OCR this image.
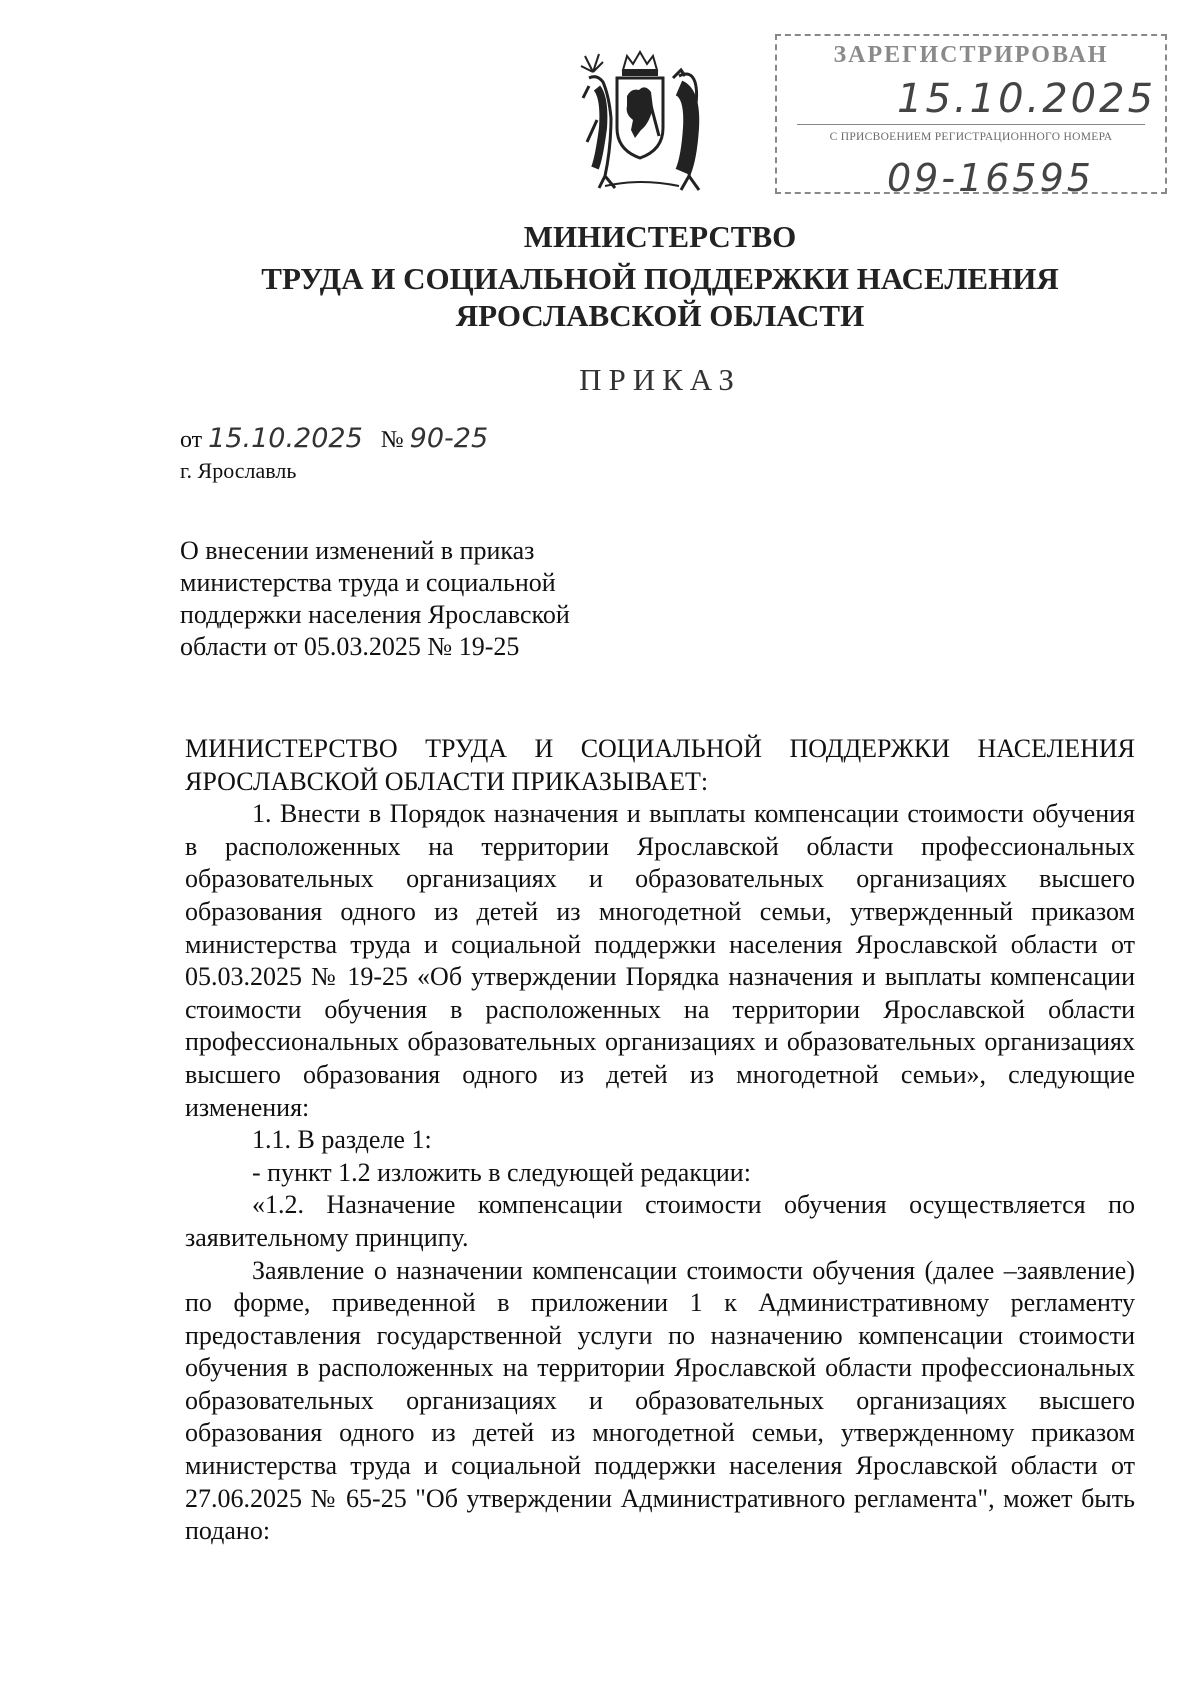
ЗАРЕГИСТРИРОВАН
15.10.2025
С ПРИСВОЕНИЕМ РЕГИСТРАЦИОННОГО НОМЕРА
09-16595
МИНИСТЕРСТВО
ТРУДА И СОЦИАЛЬНОЙ ПОДДЕРЖКИ НАСЕЛЕНИЯ
ЯРОСЛАВСКОЙ ОБЛАСТИ
ПРИКАЗ
от 15.10.2025 № 90-25
г. Ярославль
О внесении изменений в приказ
министерства труда и социальной
поддержки населения Ярославской
области от 05.03.2025 № 19-25

МИНИСТЕРСТВО ТРУДА И СОЦИАЛЬНОЙ ПОДДЕРЖКИ НАСЕЛЕНИЯ ЯРОСЛАВСКОЙ ОБЛАСТИ ПРИКАЗЫВАЕТ:

1. Внести в Порядок назначения и выплаты компенсации стоимости обучения в расположенных на территории Ярославской области профессиональных образовательных организациях и образовательных организациях высшего образования одного из детей из многодетной семьи, утвержденный приказом министерства труда и социальной поддержки населения Ярославской области от 05.03.2025 № 19-25 «Об утверждении Порядка назначения и выплаты компенсации стоимости обучения в расположенных на территории Ярославской области профессиональных образовательных организациях и образовательных организациях высшего образования одного из детей из многодетной семьи», следующие изменения:

1.1. В разделе 1:

- пункт 1.2 изложить в следующей редакции:

«1.2. Назначение компенсации стоимости обучения осуществляется по заявительному принципу.

Заявление о назначении компенсации стоимости обучения (далее –заявление) по форме, приведенной в приложении 1 к Административному регламенту предоставления государственной услуги по назначению компенсации стоимости обучения в расположенных на территории Ярославской области профессиональных образовательных организациях и образовательных организациях высшего образования одного из детей из многодетной семьи, утвержденному приказом министерства труда и социальной поддержки населения Ярославской области от 27.06.2025 № 65-25 "Об утверждении Административного регламента", может быть подано:
